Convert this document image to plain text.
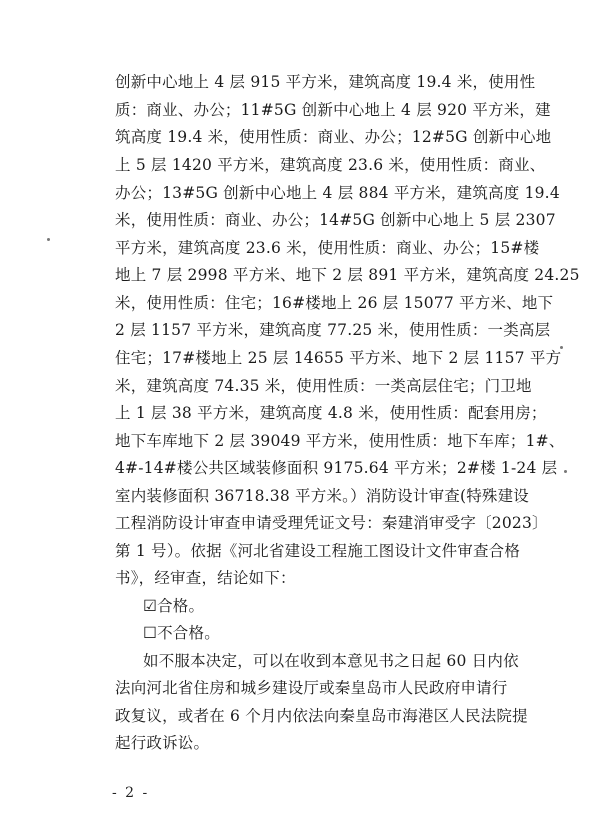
创新中心地上 4 层 915 平方米，建筑高度 19.4 米，使用性
质：商业、办公；11#5G 创新中心地上 4 层 920 平方米，建
筑高度 19.4 米，使用性质：商业、办公；12#5G 创新中心地
上 5 层 1420 平方米，建筑高度 23.6 米，使用性质：商业、
办公；13#5G 创新中心地上 4 层 884 平方米，建筑高度 19.4
米，使用性质：商业、办公；14#5G 创新中心地上 5 层 2307
平方米，建筑高度 23.6 米，使用性质：商业、办公；15#楼
地上 7 层 2998 平方米、地下 2 层 891 平方米，建筑高度 24.25
米，使用性质：住宅；16#楼地上 26 层 15077 平方米、地下
2 层 1157 平方米，建筑高度 77.25 米，使用性质：一类高层
住宅；17#楼地上 25 层 14655 平方米、地下 2 层 1157 平方
米，建筑高度 74.35 米，使用性质：一类高层住宅；门卫地
上 1 层 38 平方米，建筑高度 4.8 米，使用性质：配套用房；
地下车库地下 2 层 39049 平方米，使用性质：地下车库；1#、
4#-14#楼公共区域装修面积 9175.64 平方米；2#楼 1-24 层
室内装修面积 36718.38 平方米。）消防设计审查(特殊建设
工程消防设计审查申请受理凭证文号：秦建消审受字〔2023〕
第 1 号）。依据《河北省建设工程施工图设计文件审查合格
书》，经审查，结论如下：
☑合格。
☐不合格。
如不服本决定，可以在收到本意见书之日起 60 日内依
法向河北省住房和城乡建设厅或秦皇岛市人民政府申请行
政复议，或者在 6 个月内依法向秦皇岛市海港区人民法院提
起行政诉讼。
- 2 -
